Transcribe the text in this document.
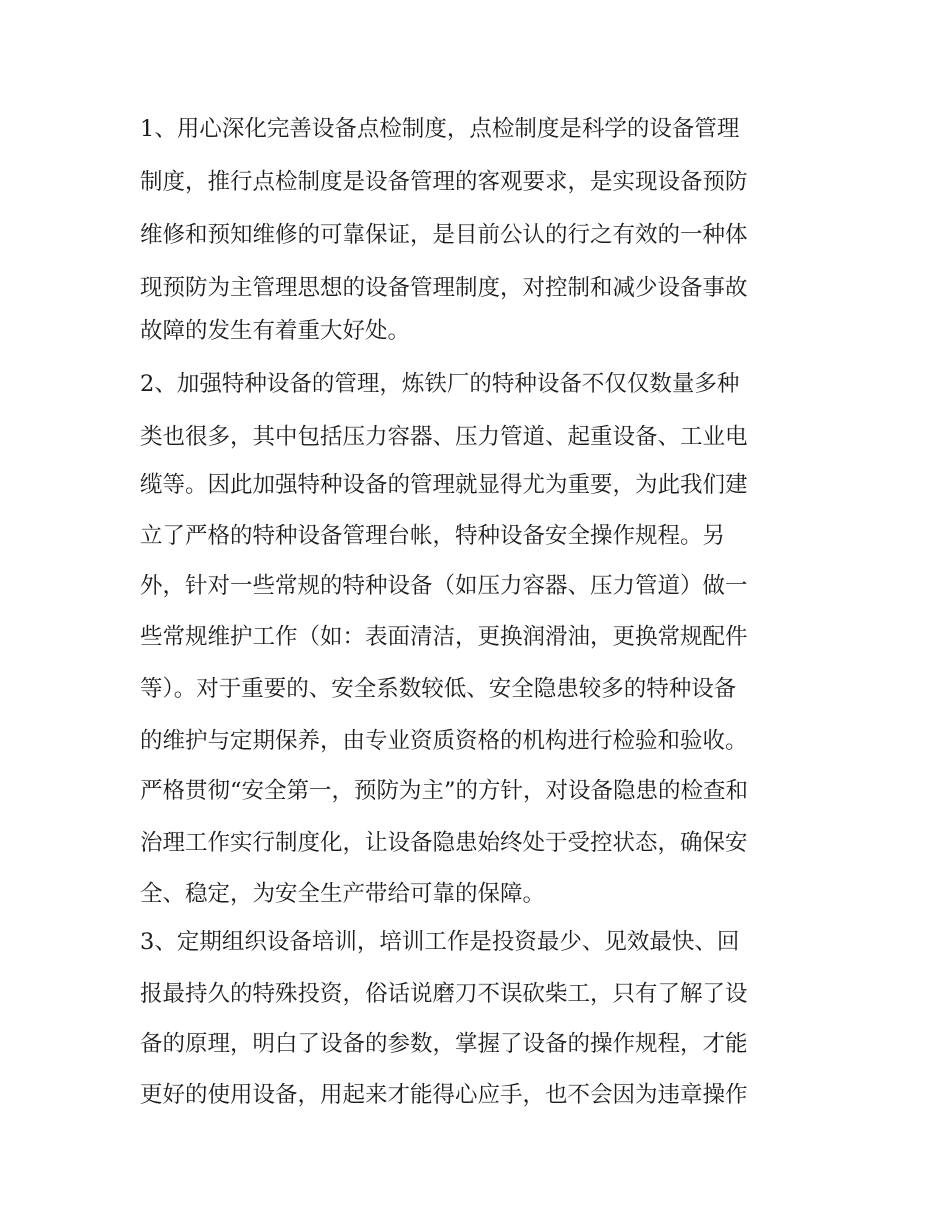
1、用心深化完善设备点检制度，点检制度是科学的设备管理
制度，推行点检制度是设备管理的客观要求，是实现设备预防
维修和预知维修的可靠保证，是目前公认的行之有效的一种体
现预防为主管理思想的设备管理制度，对控制和减少设备事故
故障的发生有着重大好处。
2、加强特种设备的管理，炼铁厂的特种设备不仅仅数量多种
类也很多，其中包括压力容器、压力管道、起重设备、工业电
缆等。因此加强特种设备的管理就显得尤为重要，为此我们建
立了严格的特种设备管理台帐，特种设备安全操作规程。另
外，针对一些常规的特种设备（如压力容器、压力管道）做一
些常规维护工作（如：表面清洁，更换润滑油，更换常规配件
等）。对于重要的、安全系数较低、安全隐患较多的特种设备
的维护与定期保养，由专业资质资格的机构进行检验和验收。
严格贯彻“安全第一，预防为主”的方针，对设备隐患的检查和
治理工作实行制度化，让设备隐患始终处于受控状态，确保安
全、稳定，为安全生产带给可靠的保障。
3、定期组织设备培训，培训工作是投资最少、见效最快、回
报最持久的特殊投资，俗话说磨刀不误砍柴工，只有了解了设
备的原理，明白了设备的参数，掌握了设备的操作规程，才能
更好的使用设备，用起来才能得心应手，也不会因为违章操作
